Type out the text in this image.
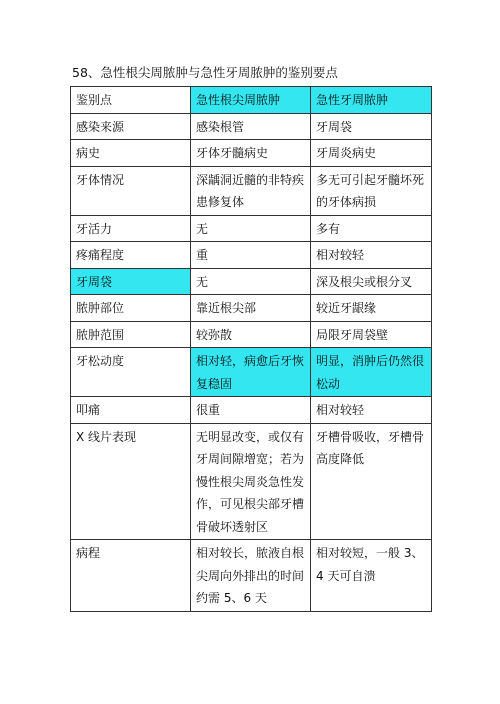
58、急性根尖周脓肿与急性牙周脓肿的鉴别要点
鉴别点	急性根尖周脓肿	急性牙周脓肿
感染来源	感染根管	牙周袋
病史	牙体牙髓病史	牙周炎病史
牙体情况	深龋洞近髓的非特疾患修复体	多无可引起牙髓坏死的牙体病损
牙活力	无	多有
疼痛程度	重	相对较轻
牙周袋	无	深及根尖或根分叉
脓肿部位	靠近根尖部	较近牙龈缘
脓肿范围	较弥散	局限牙周袋壁
牙松动度	相对轻，病愈后牙恢复稳固	明显，消肿后仍然很松动
叩痛	很重	相对较轻
X 线片表现	无明显改变，或仅有牙周间隙增宽；若为慢性根尖周炎急性发作，可见根尖部牙槽骨破坏透射区	牙槽骨吸收，牙槽骨高度降低
病程	相对较长，脓液自根尖周向外排出的时间约需 5、6 天	相对较短，一般 3、4 天可自溃
